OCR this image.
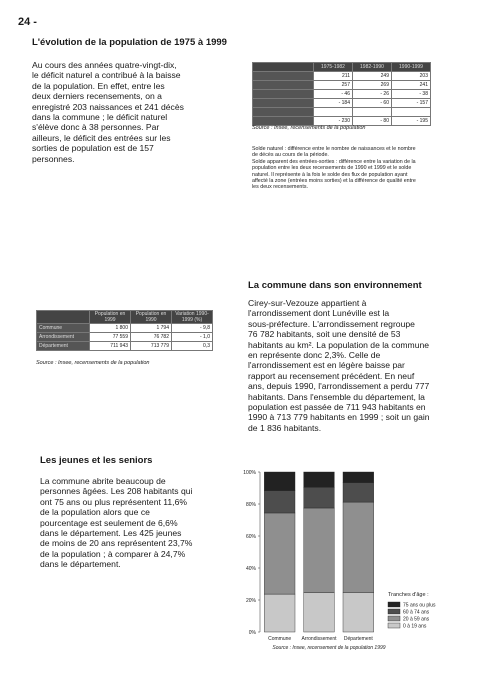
24 -
L'évolution de la population de 1975 à 1999
Au cours des années quatre-vingt-dix,
le déficit naturel a contribué à la baisse
de la population. En effet, entre les
deux derniers recensements, on a
enregistré 203 naissances et 241 décès
dans la commune ; le déficit naturel
s'élève donc à 38 personnes. Par
ailleurs, le déficit des entrées sur les
sorties de population est de 157
personnes.
	1975-1982	1982-1990	1990-1999
	211	249	203
	257	269	241
	- 46	- 26	- 38
	- 184	- 60	- 157

	- 230	- 80	- 195
Source : Insee, recensements de la population
Solde naturel : différence entre le nombre de naissances et le nombre
de décès au cours de la période.
Solde apparent des entrées-sorties : différence entre la variation de la
population entre les deux recensements de 1990 et 1999 et le solde
naturel. Il représente à la fois le solde des flux de population ayant
affecté la zone (entrées moins sorties) et la différence de qualité entre
les deux recensements.
La commune dans son environnement
Cirey-sur-Vezouze appartient à
l'arrondissement dont Lunéville est la
sous-préfecture. L'arrondissement regroupe
76 782 habitants, soit une densité de 53
habitants au km². La population de la commune
en représente donc 2,3%. Celle de
l'arrondissement est en légère baisse par
rapport au recensement précédent. En neuf
ans, depuis 1990, l'arrondissement a perdu 777
habitants. Dans l'ensemble du département, la
population est passée de 711 943 habitants en
1990 à 713 779 habitants en 1999 ; soit un gain
de 1 836 habitants.
	Population en 1999	Population en 1990	Variation 1990-1999 (%)
Commune	1 800	1 794	- 9,8
Arrondissement	77 559	76 782	- 1,0
Département	711 943	713 779	0,3
Source : Insee, recensements de la population
Les jeunes et les seniors
La commune abrite beaucoup de
personnes âgées. Les 208 habitants qui
ont 75 ans ou plus représentent 11,6%
de la population alors que ce
pourcentage est seulement de 6,6%
dans le département. Les 425 jeunes
de moins de 20 ans représentent 23,7%
de la population ; à comparer à 24,7%
dans le département.
0%
20%
40%
60%
80%
100%
Commune Arrondissement Département
Source : Insee, recensement de la population 1999
Tranches d'âge :
75 ans ou plus
60 à 74 ans
20 à 59 ans
0 à 19 ans
